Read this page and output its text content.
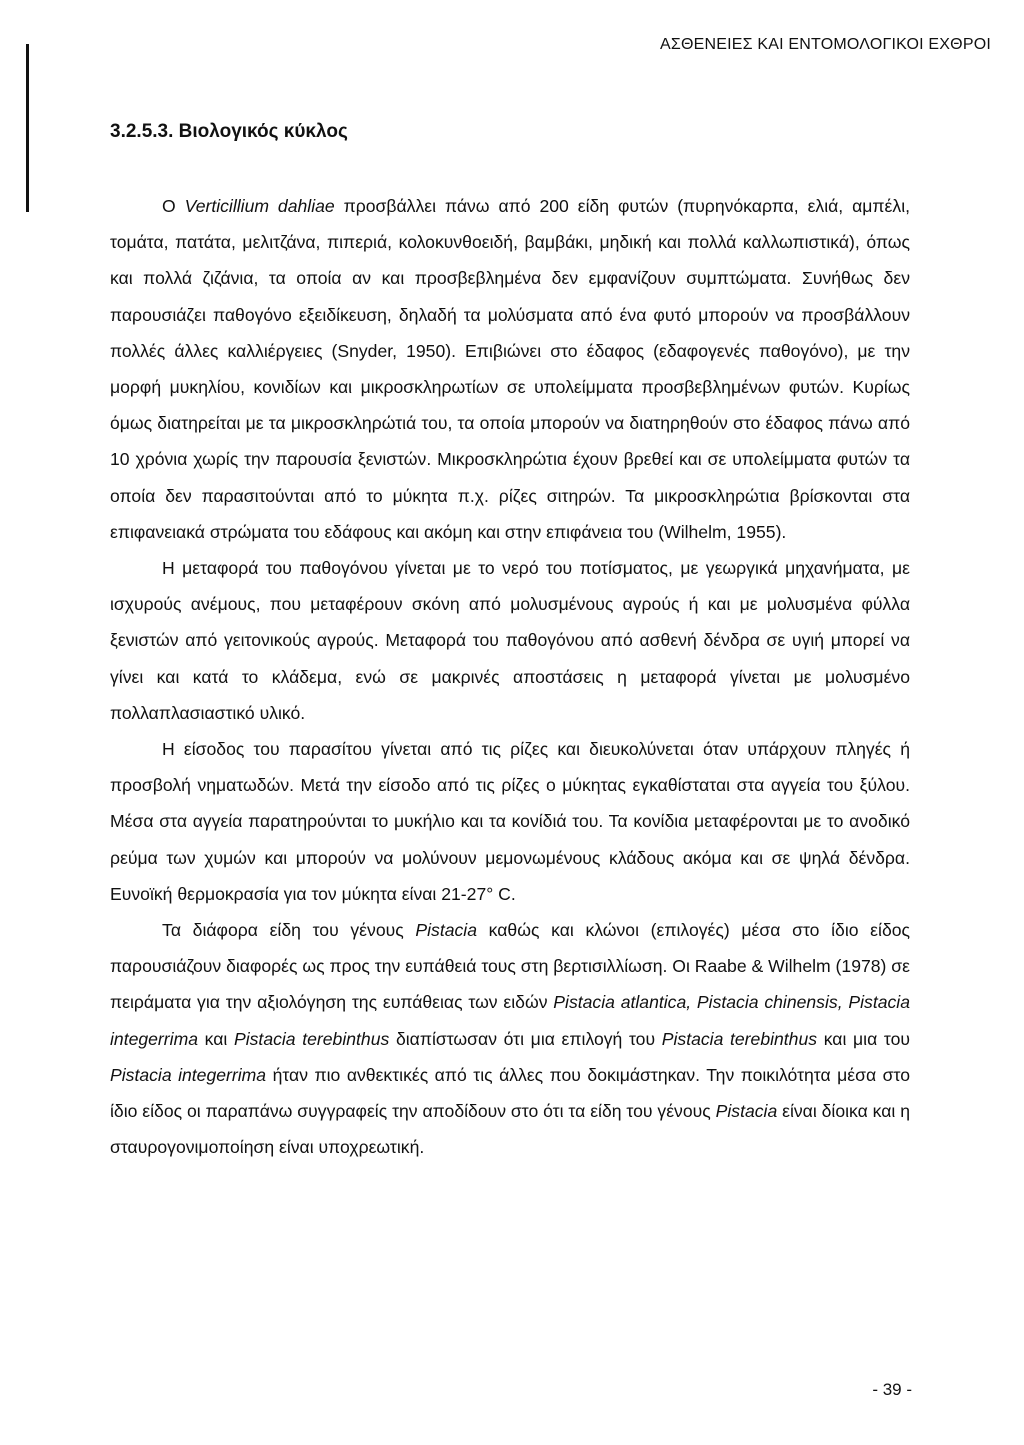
ΑΣΘΕΝΕΙΕΣ ΚΑΙ ΕΝΤΟΜΟΛΟΓΙΚΟΙ ΕΧΘΡΟΙ
3.2.5.3. Βιολογικός κύκλος

Ο Verticillium dahliae προσβάλλει πάνω από 200 είδη φυτών (πυρηνόκαρπα, ελιά, αμπέλι, τομάτα, πατάτα, μελιτζάνα, πιπεριά, κολοκυνθοειδή, βαμβάκι, μηδική και πολλά καλλωπιστικά), όπως και πολλά ζιζάνια, τα οποία αν και προσβεβλημένα δεν εμφανίζουν συμπτώματα. Συνήθως δεν παρουσιάζει παθογόνο εξειδίκευση, δηλαδή τα μολύσματα από ένα φυτό μπορούν να προσβάλλουν πολλές άλλες καλλιέργειες (Snyder, 1950). Επιβιώνει στο έδαφος (εδαφογενές παθογόνο), με την μορφή μυκηλίου, κονιδίων και μικροσκληρωτίων σε υπολείμματα προσβεβλημένων φυτών. Κυρίως όμως διατηρείται με τα μικροσκληρώτιά του, τα οποία μπορούν να διατηρηθούν στο έδαφος πάνω από 10 χρόνια χωρίς την παρουσία ξενιστών. Μικροσκληρώτια έχουν βρεθεί και σε υπολείμματα φυτών τα οποία δεν παρασιτούνται από το μύκητα π.χ. ρίζες σιτηρών. Τα μικροσκληρώτια βρίσκονται στα επιφανειακά στρώματα του εδάφους και ακόμη και στην επιφάνεια του (Wilhelm, 1955).

Η μεταφορά του παθογόνου γίνεται με το νερό του ποτίσματος, με γεωργικά μηχανήματα, με ισχυρούς ανέμους, που μεταφέρουν σκόνη από μολυσμένους αγρούς ή και με μολυσμένα φύλλα ξενιστών από γειτονικούς αγρούς. Μεταφορά του παθογόνου από ασθενή δένδρα σε υγιή μπορεί να γίνει και κατά το κλάδεμα, ενώ σε μακρινές αποστάσεις η μεταφορά γίνεται με μολυσμένο πολλαπλασιαστικό υλικό.

Η είσοδος του παρασίτου γίνεται από τις ρίζες και διευκολύνεται όταν υπάρχουν πληγές ή προσβολή νηματωδών. Μετά την είσοδο από τις ρίζες ο μύκητας εγκαθίσταται στα αγγεία του ξύλου. Μέσα στα αγγεία παρατηρούνται το μυκήλιο και τα κονίδιά του. Τα κονίδια μεταφέρονται με το ανοδικό ρεύμα των χυμών και μπορούν να μολύνουν μεμονωμένους κλάδους ακόμα και σε ψηλά δένδρα. Ευνοϊκή θερμοκρασία για τον μύκητα είναι 21-27° C.

Τα διάφορα είδη του γένους Pistacia καθώς και κλώνοι (επιλογές) μέσα στο ίδιο είδος παρουσιάζουν διαφορές ως προς την ευπάθειά τους στη βερτισιλλίωση. Οι Raabe & Wilhelm (1978) σε πειράματα για την αξιολόγηση της ευπάθειας των ειδών Pistacia atlantica, Pistacia chinensis, Pistacia integerrima και Pistacia terebinthus διαπίστωσαν ότι μια επιλογή του Pistacia terebinthus και μια του Pistacia integerrima ήταν πιο ανθεκτικές από τις άλλες που δοκιμάστηκαν. Την ποικιλότητα μέσα στο ίδιο είδος οι παραπάνω συγγραφείς την αποδίδουν στο ότι τα είδη του γένους Pistacia είναι δίοικα και η σταυρογονιμοποίηση είναι υποχρεωτική.

- 39 -
